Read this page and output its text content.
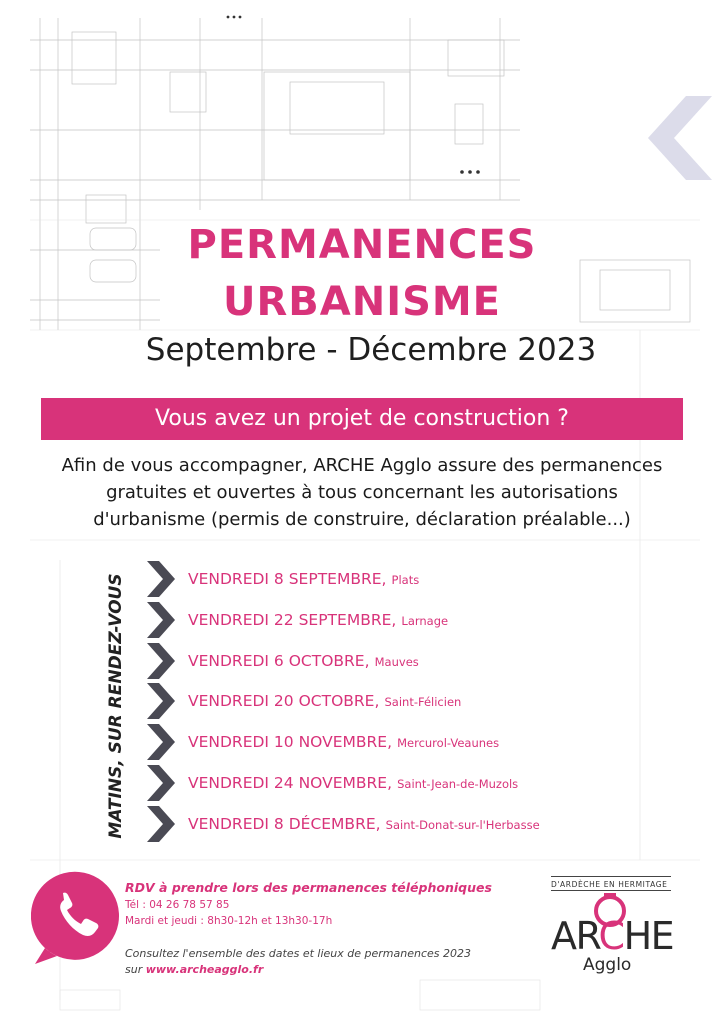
PERMANENCES
URBANISME
Septembre - Décembre 2023
Vous avez un projet de construction ?
Afin de vous accompagner, ARCHE Agglo assure des permanences
gratuites et ouvertes à tous concernant les autorisations
d'urbanisme (permis de construire, déclaration préalable...)
MATINS, SUR RENDEZ-VOUS	VENDREDI 8 SEPTEMBRE, Plats
VENDREDI 22 SEPTEMBRE, Larnage
VENDREDI 6 OCTOBRE, Mauves
VENDREDI 20 OCTOBRE, Saint-Félicien
VENDREDI 10 NOVEMBRE, Mercurol-Veaunes
VENDREDI 24 NOVEMBRE, Saint-Jean-de-Muzols
VENDREDI 8 DÉCEMBRE, Saint-Donat-sur-l'Herbasse
RDV à prendre lors des permanences téléphoniques
Tél : 04 26 78 57 85
Mardi et jeudi : 8h30-12h et 13h30-17h
Consultez l'ensemble des dates et lieux de permanences 2023
sur www.archeagglo.fr
D'ARDÈCHE EN HERMITAGE
ARCHE
Agglo
